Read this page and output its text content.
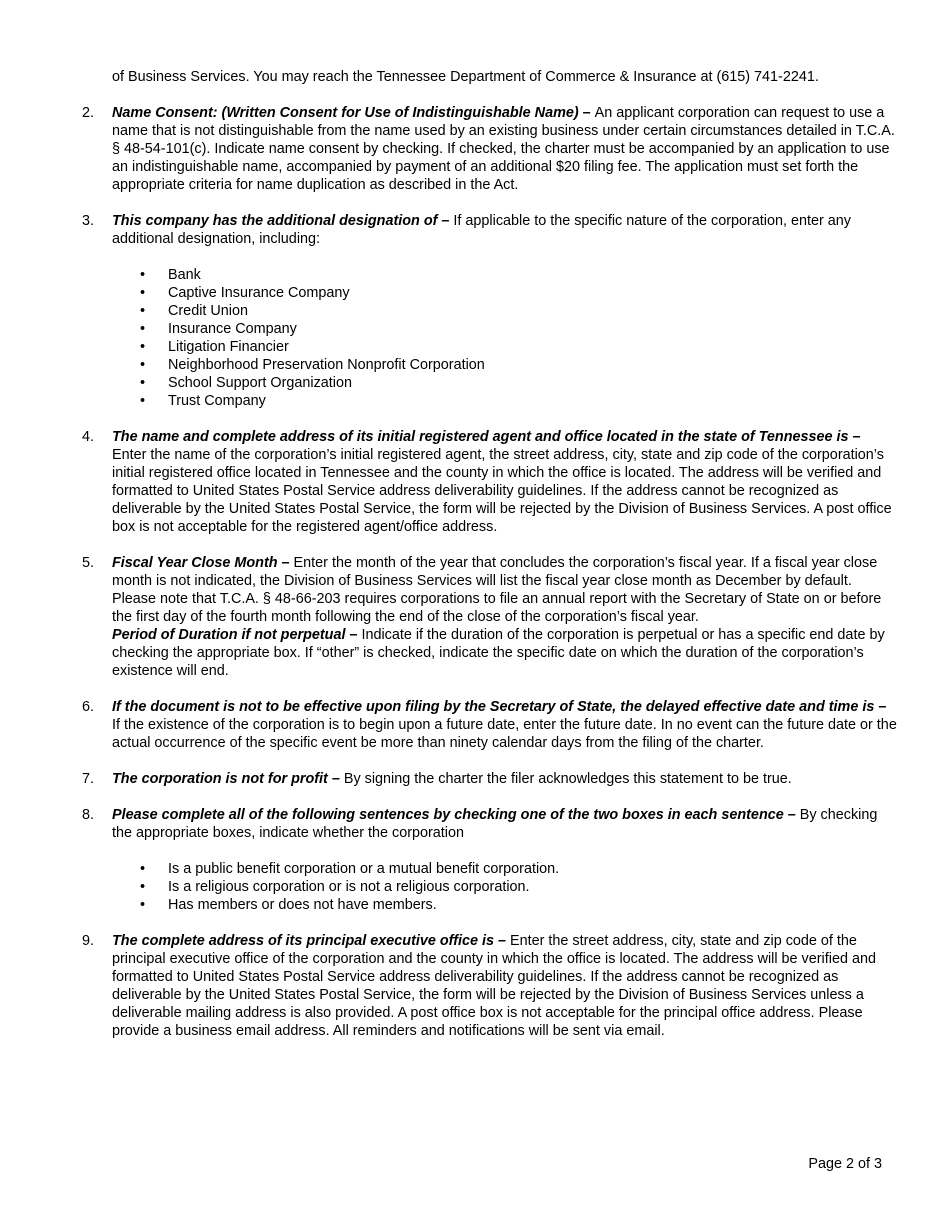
of Business Services. You may reach the Tennessee Department of Commerce & Insurance at (615) 741-2241.
2.	Name Consent: (Written Consent for Use of Indistinguishable Name) – An applicant corporation can request to use a name that is not distinguishable from the name used by an existing business under certain circumstances detailed in T.C.A. § 48-54-101(c). Indicate name consent by checking. If checked, the charter must be accompanied by an application to use an indistinguishable name, accompanied by payment of an additional $20 filing fee. The application must set forth the appropriate criteria for name duplication as described in the Act.

3.	This company has the additional designation of – If applicable to the specific nature of the corporation, enter any additional designation, including:

• Bank
• Captive Insurance Company
• Credit Union
• Insurance Company
• Litigation Financier
• Neighborhood Preservation Nonprofit Corporation
• School Support Organization
• Trust Company
4.	The name and complete address of its initial registered agent and office located in the state of Tennessee is – Enter the name of the corporation’s initial registered agent, the street address, city, state and zip code of the corporation’s initial registered office located in Tennessee and the county in which the office is located. The address will be verified and formatted to United States Postal Service address deliverability guidelines. If the address cannot be recognized as deliverable by the United States Postal Service, the form will be rejected by the Division of Business Services. A post office box is not acceptable for the registered agent/office address.

5.	Fiscal Year Close Month – Enter the month of the year that concludes the corporation’s fiscal year. If a fiscal year close month is not indicated, the Division of Business Services will list the fiscal year close month as December by default. Please note that T.C.A. § 48-66-203 requires corporations to file an annual report with the Secretary of State on or before the first day of the fourth month following the end of the close of the corporation’s fiscal year.

Period of Duration if not perpetual – Indicate if the duration of the corporation is perpetual or has a specific end date by checking the appropriate box. If “other” is checked, indicate the specific date on which the duration of the corporation’s existence will end.

6.	If the document is not to be effective upon filing by the Secretary of State, the delayed effective date and time is – If the existence of the corporation is to begin upon a future date, enter the future date. In no event can the future date or the actual occurrence of the specific event be more than ninety calendar days from the filing of the charter.

7.	The corporation is not for profit – By signing the charter the filer acknowledges this statement to be true.

8.	Please complete all of the following sentences by checking one of the two boxes in each sentence – By checking the appropriate boxes, indicate whether the corporation

• Is a public benefit corporation or a mutual benefit corporation.
• Is a religious corporation or is not a religious corporation.
• Has members or does not have members.
9.	The complete address of its principal executive office is – Enter the street address, city, state and zip code of the principal executive office of the corporation and the county in which the office is located. The address will be verified and formatted to United States Postal Service address deliverability guidelines. If the address cannot be recognized as deliverable by the United States Postal Service, the form will be rejected by the Division of Business Services unless a deliverable mailing address is also provided. A post office box is not acceptable for the principal office address. Please provide a business email address. All reminders and notifications will be sent via email.

Page 2 of 3
